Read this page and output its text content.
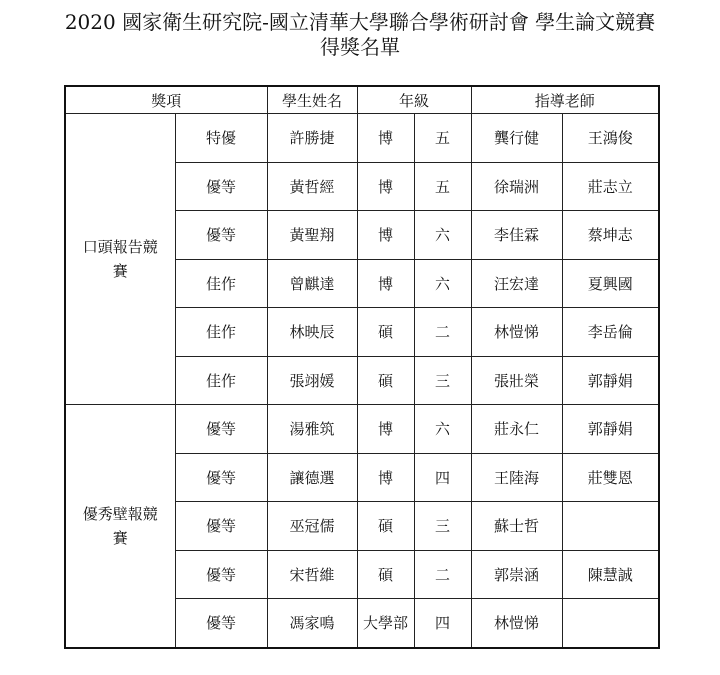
2020 國家衛生研究院-國立清華大學聯合學術研討會 學生論文競賽
得獎名單
獎項		學生姓名	年級		指導老師	
口頭報告競賽	特優	許勝捷	博	五	龔行健	王鴻俊
	優等	黃哲經	博	五	徐瑞洲	莊志立
	優等	黃聖翔	博	六	李佳霖	蔡坤志
	佳作	曾麒達	博	六	汪宏達	夏興國
	佳作	林映辰	碩	二	林愷悌	李岳倫
	佳作	張翊媛	碩	三	張壯榮	郭靜娟
優秀壁報競賽	優等	湯雅筑	博	六	莊永仁	郭靜娟
	優等	讓德選	博	四	王陸海	莊雙恩
	優等	巫冠儒	碩	三	蘇士哲	
	優等	宋哲維	碩	二	郭崇涵	陳慧誠
	優等	馮家鳴	大學部	四	林愷悌	
